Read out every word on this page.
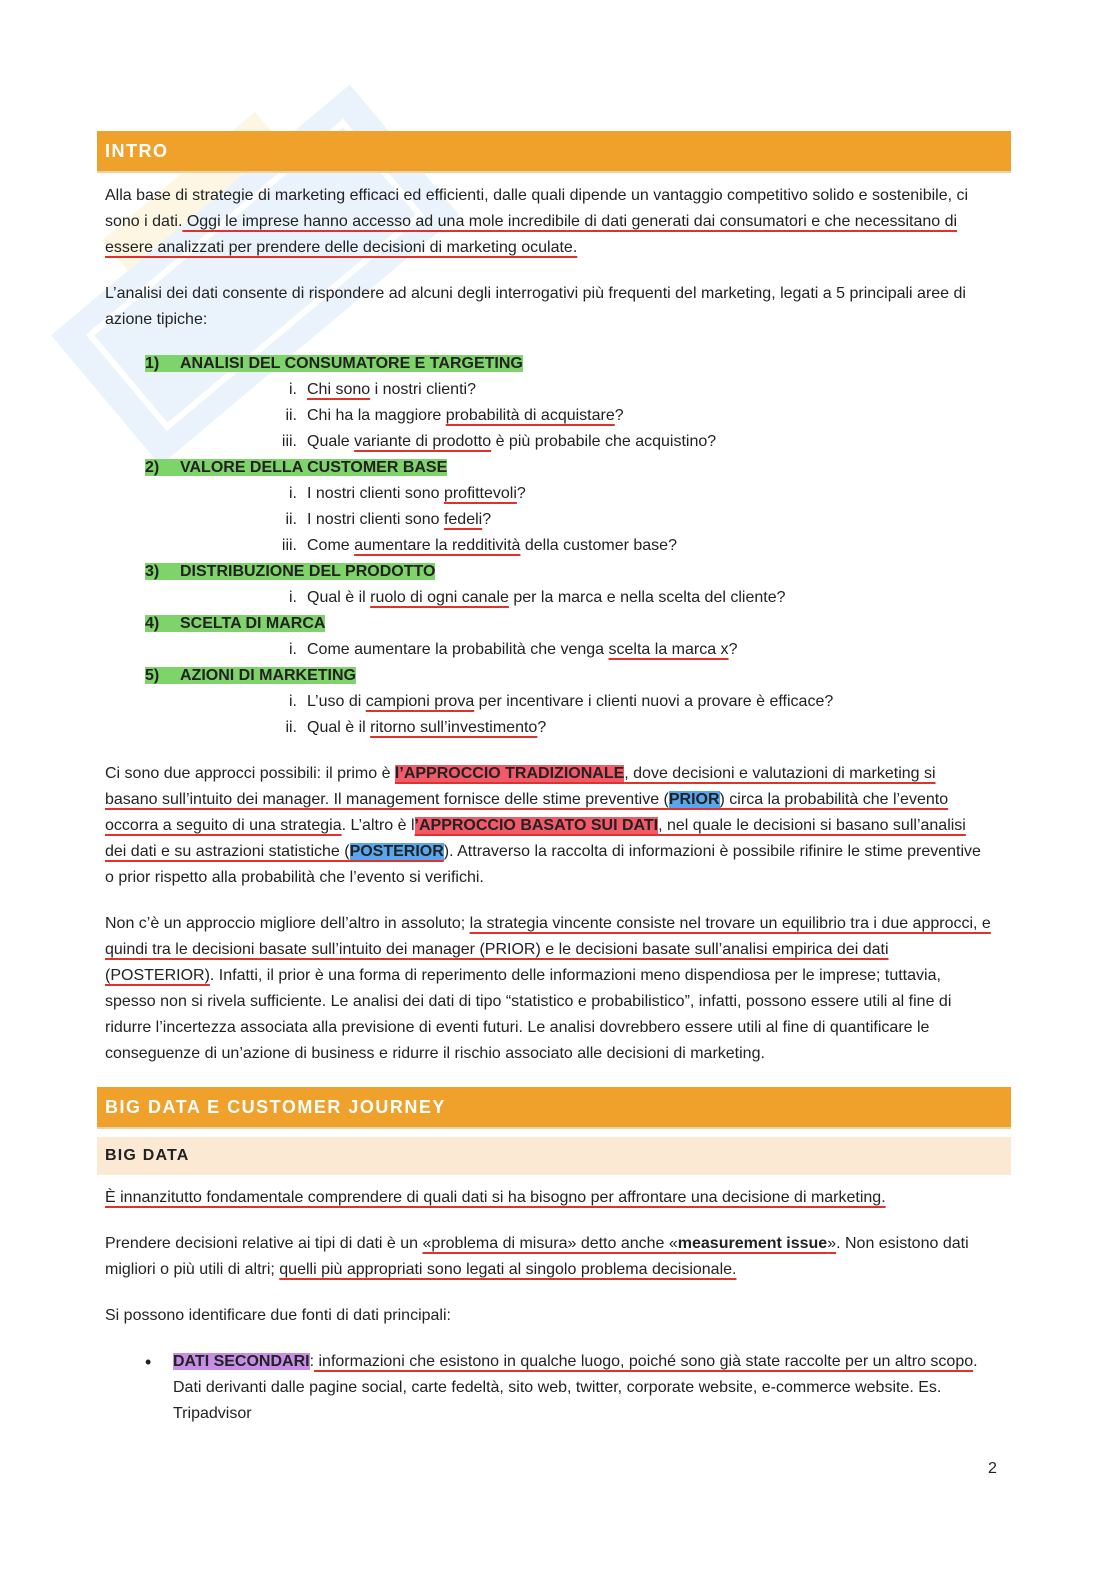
INTRO

Alla base di strategie di marketing efficaci ed efficienti, dalle quali dipende un vantaggio competitivo solido e sostenibile, ci sono i dati. Oggi le imprese hanno accesso ad una mole incredibile di dati generati dai consumatori e che necessitano di essere analizzati per prendere delle decisioni di marketing oculate.

L’analisi dei dati consente di rispondere ad alcuni degli interrogativi più frequenti del marketing, legati a 5 principali aree di azione tipiche:

1) ANALISI DEL CONSUMATORE E TARGETING
i. Chi sono i nostri clienti?
ii. Chi ha la maggiore probabilità di acquistare?
iii. Quale variante di prodotto è più probabile che acquistino?
2) VALORE DELLA CUSTOMER BASE
i. I nostri clienti sono profittevoli?
ii. I nostri clienti sono fedeli?
iii. Come aumentare la redditività della customer base?
3) DISTRIBUZIONE DEL PRODOTTO
i. Qual è il ruolo di ogni canale per la marca e nella scelta del cliente?
4) SCELTA DI MARCA
i. Come aumentare la probabilità che venga scelta la marca x?
5) AZIONI DI MARKETING
i. L’uso di campioni prova per incentivare i clienti nuovi a provare è efficace?
ii. Qual è il ritorno sull’investimento?

Ci sono due approcci possibili: il primo è l’APPROCCIO TRADIZIONALE, dove decisioni e valutazioni di marketing si basano sull’intuito dei manager. Il management fornisce delle stime preventive (PRIOR) circa la probabilità che l’evento occorra a seguito di una strategia. L’altro è l’APPROCCIO BASATO SUI DATI, nel quale le decisioni si basano sull’analisi dei dati e su astrazioni statistiche (POSTERIOR). Attraverso la raccolta di informazioni è possibile rifinire le stime preventive o prior rispetto alla probabilità che l’evento si verifichi.

Non c’è un approccio migliore dell’altro in assoluto; la strategia vincente consiste nel trovare un equilibrio tra i due approcci, e quindi tra le decisioni basate sull’intuito dei manager (PRIOR) e le decisioni basate sull’analisi empirica dei dati (POSTERIOR). Infatti, il prior è una forma di reperimento delle informazioni meno dispendiosa per le imprese; tuttavia, spesso non si rivela sufficiente. Le analisi dei dati di tipo “statistico e probabilistico”, infatti, possono essere utili al fine di ridurre l’incertezza associata alla previsione di eventi futuri. Le analisi dovrebbero essere utili al fine di quantificare le conseguenze di un’azione di business e ridurre il rischio associato alle decisioni di marketing.

BIG DATA E CUSTOMER JOURNEY
BIG DATA

È innanzitutto fondamentale comprendere di quali dati si ha bisogno per affrontare una decisione di marketing.

Prendere decisioni relative ai tipi di dati è un «problema di misura» detto anche «measurement issue». Non esistono dati migliori o più utili di altri; quelli più appropriati sono legati al singolo problema decisionale.

Si possono identificare due fonti di dati principali:

• DATI SECONDARI: informazioni che esistono in qualche luogo, poiché sono già state raccolte per un altro scopo. Dati derivanti dalle pagine social, carte fedeltà, sito web, twitter, corporate website, e-commerce website. Es. Tripadvisor
2
